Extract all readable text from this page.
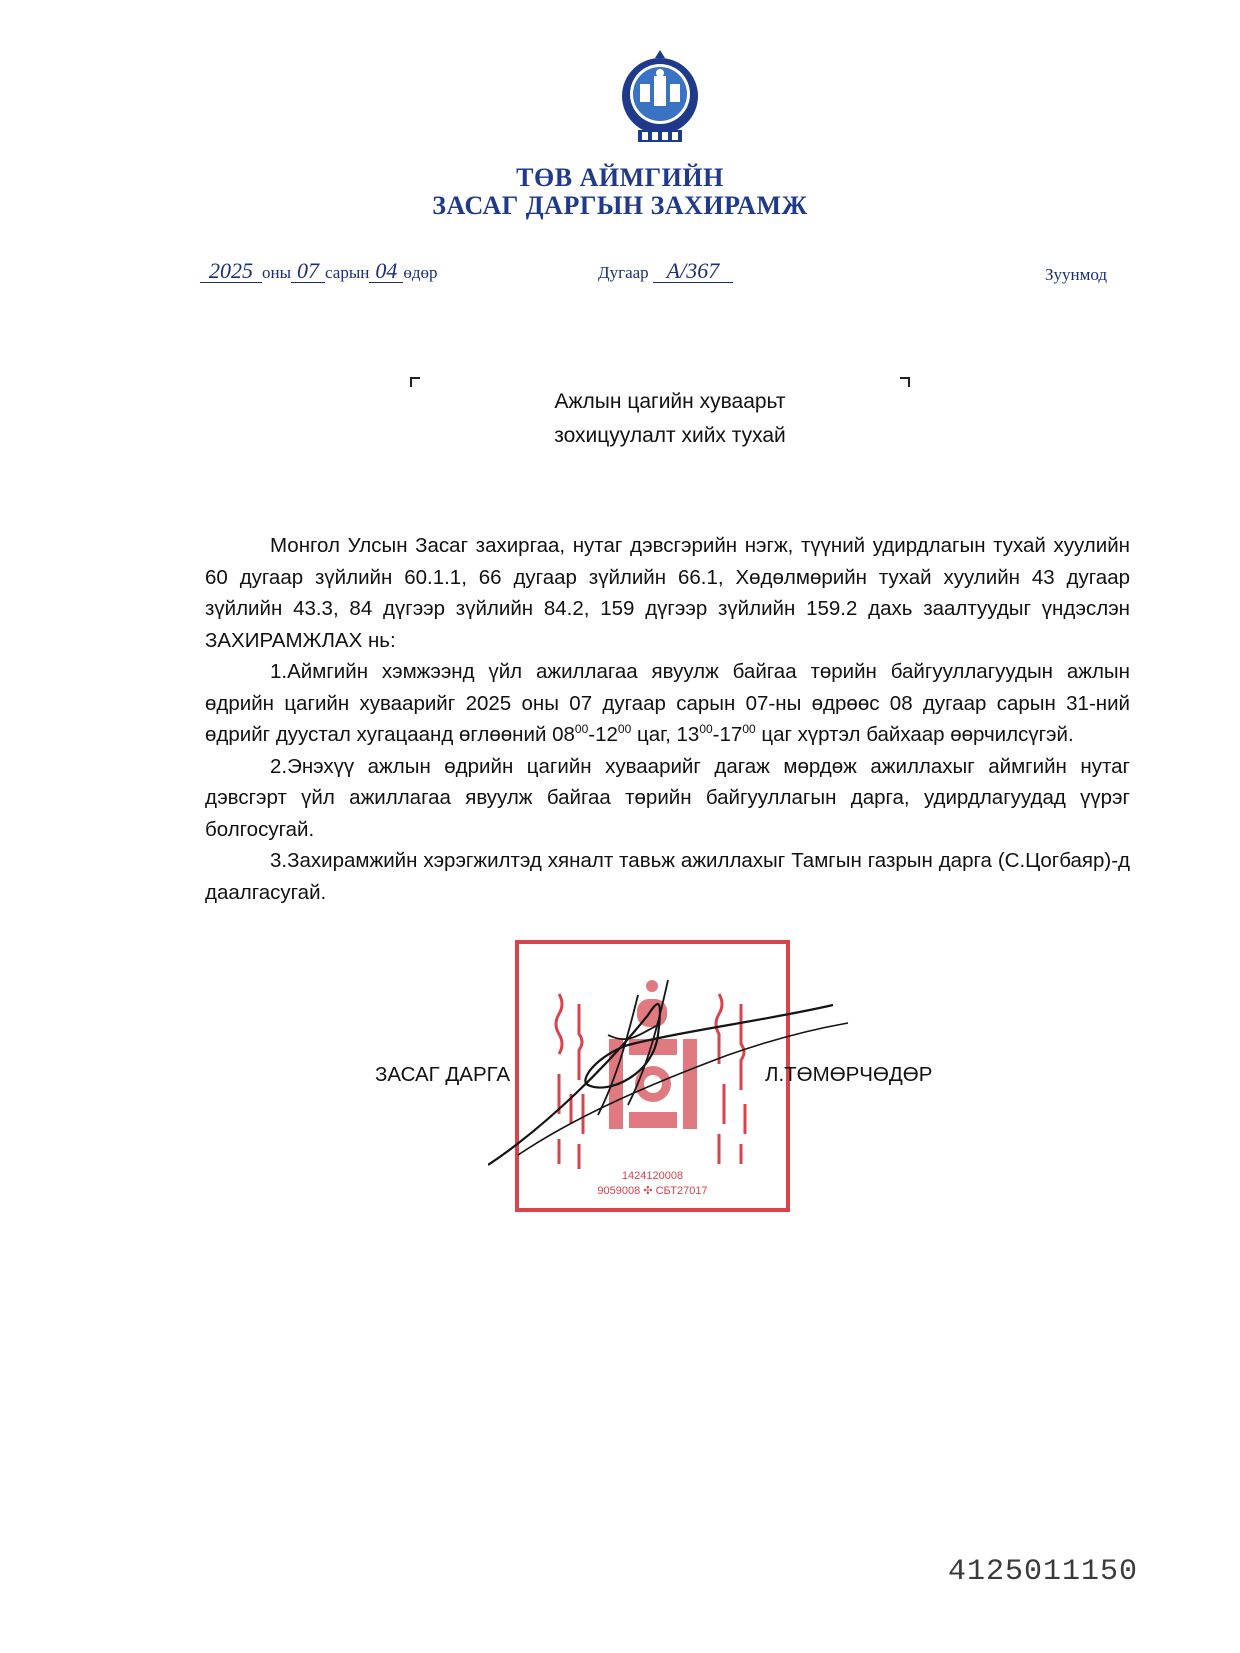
ТӨВ АЙМГИЙН
ЗАСАГ ДАРГЫН ЗАХИРАМЖ
2025 оны 07 сарын 04 өдөр	Дугаар А/367	Зуунмод
Ажлын цагийн хуваарьт
зохицуулалт хийх тухай

Монгол Улсын Засаг захиргаа, нутаг дэвсгэрийн нэгж, түүний удирдлагын тухай хуулийн 60 дугаар зүйлийн 60.1.1, 66 дугаар зүйлийн 66.1, Хөдөлмөрийн тухай хуулийн 43 дугаар зүйлийн 43.3, 84 дүгээр зүйлийн 84.2, 159 дүгээр зүйлийн 159.2 дахь заалтуудыг үндэслэн ЗАХИРАМЖЛАХ нь:

1.Аймгийн хэмжээнд үйл ажиллагаа явуулж байгаа төрийн байгууллагуудын ажлын өдрийн цагийн хуваарийг 2025 оны 07 дугаар сарын 07-ны өдрөөс 08 дугаар сарын 31-ний өдрийг дуустал хугацаанд өглөөний $08^{00}-12^{00}$ цаг, $13^{00}-17^{00}$ цаг хүртэл байхаар өөрчилсүгэй.

2.Энэхүү ажлын өдрийн цагийн хуваарийг дагаж мөрдөж ажиллахыг аймгийн нутаг дэвсгэрт үйл ажиллагаа явуулж байгаа төрийн байгууллагын дарга, удирдлагуудад үүрэг болгосугай.

3.Захирамжийн хэрэгжилтэд хяналт тавьж ажиллахыг Тамгын газрын дарга (С.Цогбаяр)-д даалгасугай.

1424120008
9059008 ✣ СБТ27017
ЗАСАГ ДАРГА	Л.ТӨМӨРЧӨДӨР
4125011150
